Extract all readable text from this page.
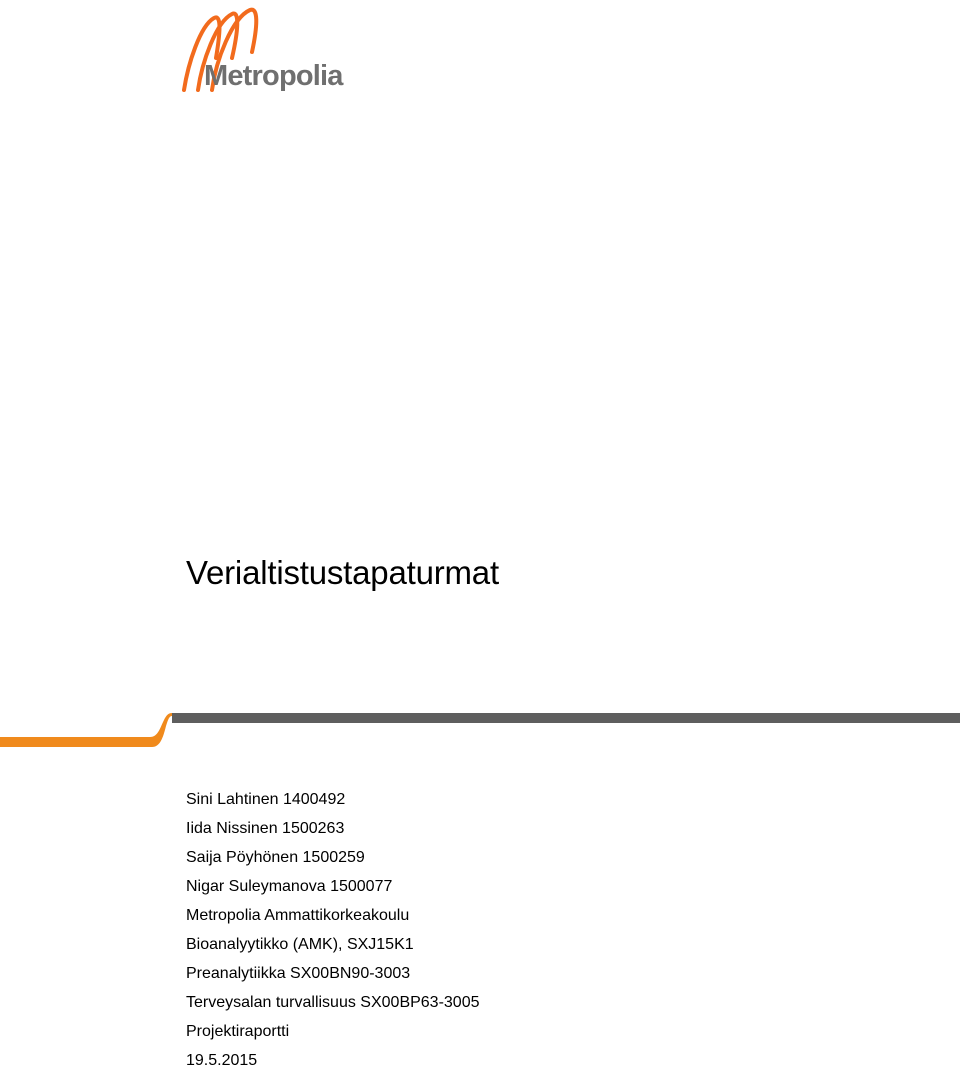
Metropolia
Verialtistustapaturmat
Sini Lahtinen 1400492
Iida Nissinen 1500263
Saija Pöyhönen 1500259
Nigar Suleymanova 1500077
Metropolia Ammattikorkeakoulu
Bioanalyytikko (AMK), SXJ15K1
Preanalytiikka SX00BN90-3003
Terveysalan turvallisuus SX00BP63-3005
Projektiraportti
19.5.2015
